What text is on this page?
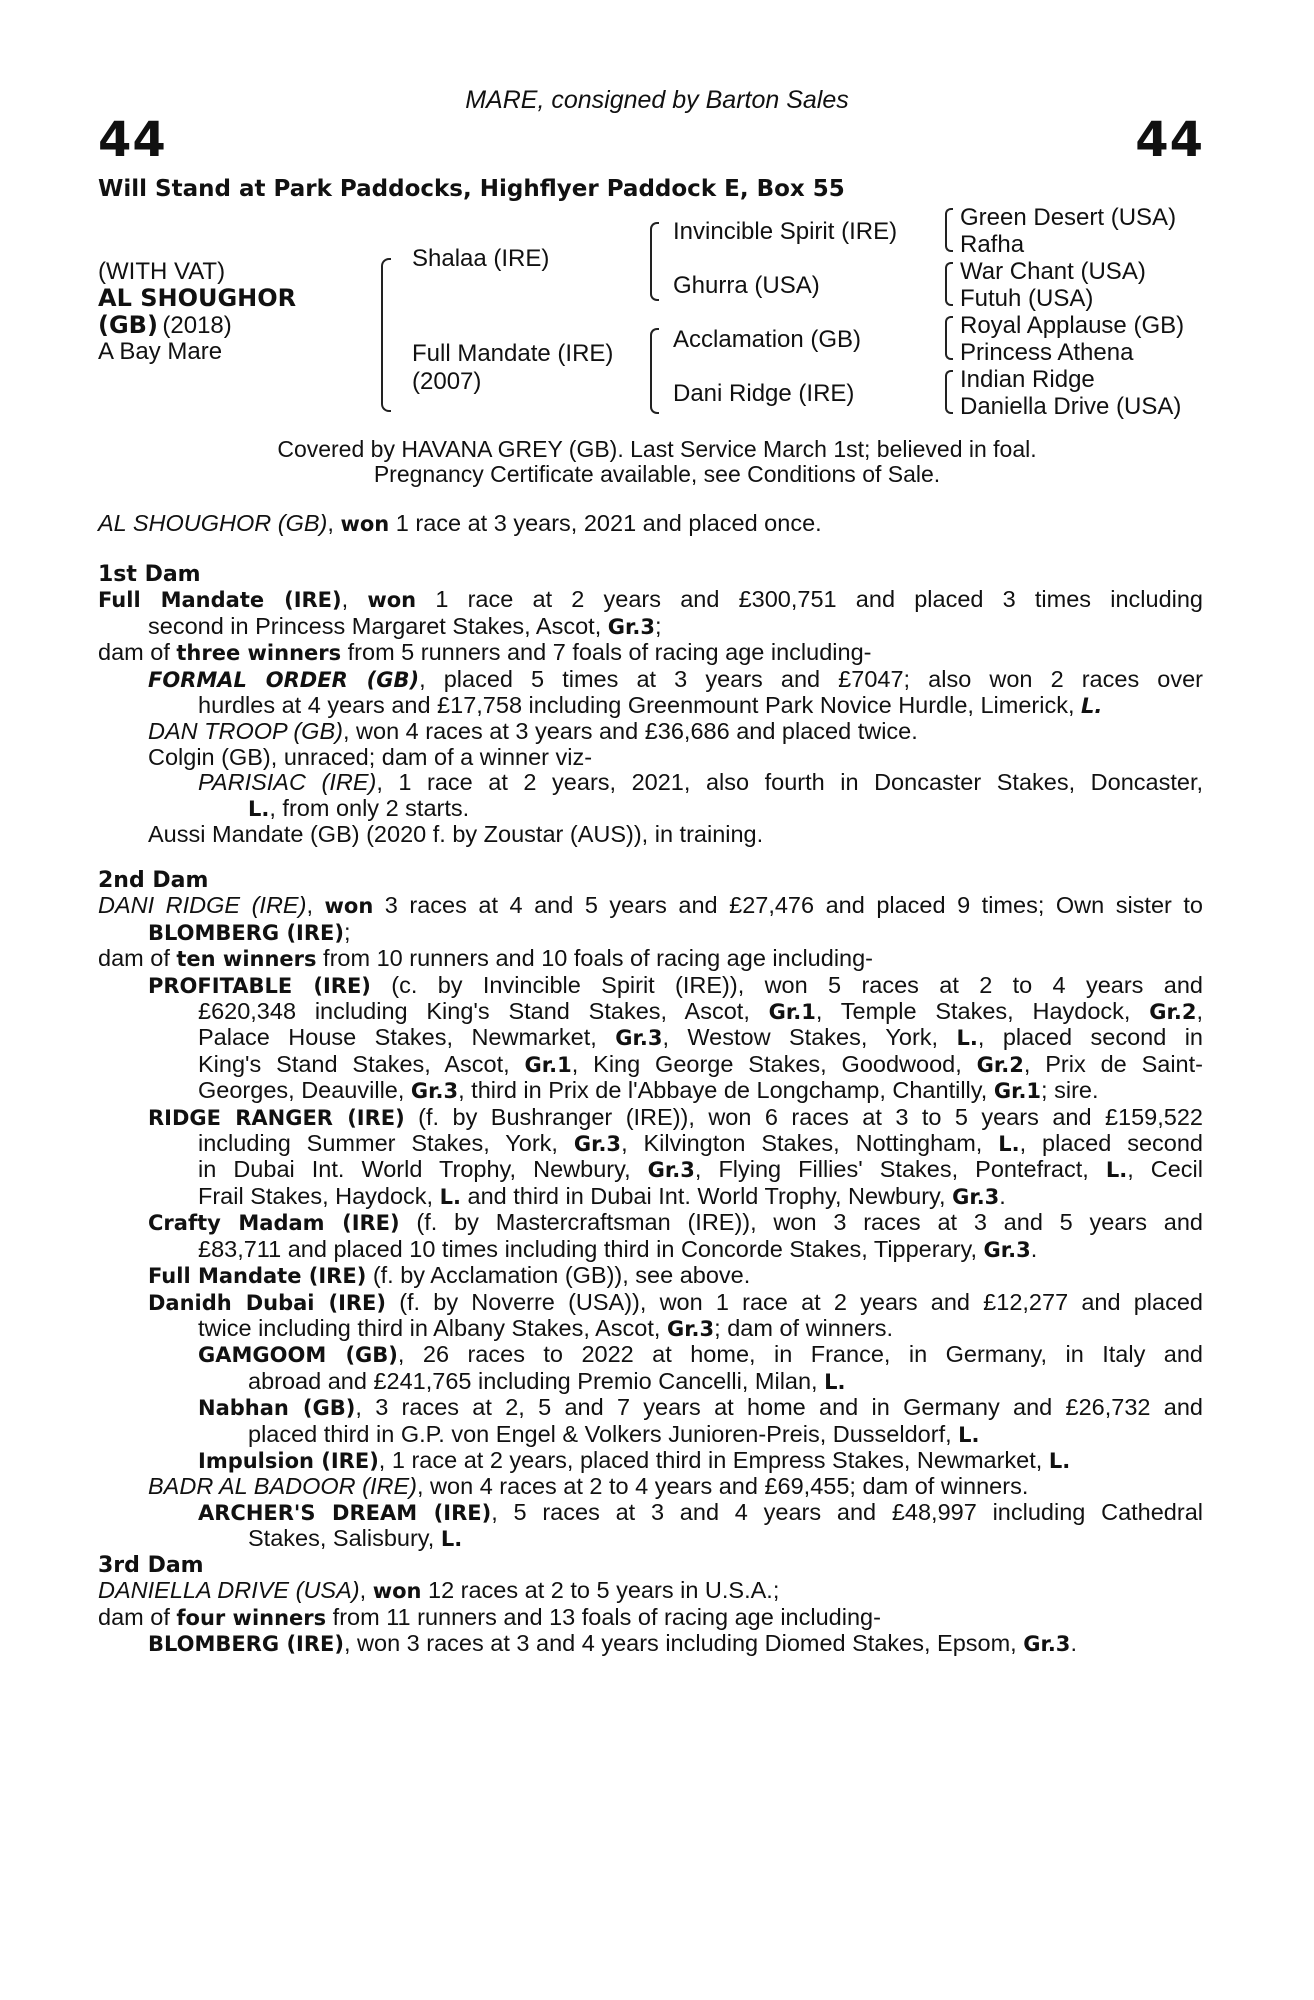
44	44
MARE, consigned by Barton Sales
Will Stand at Park Paddocks, Highflyer Paddock E, Box 55
(WITH VAT)
AL SHOUGHOR
(GB) (2018)
A Bay Mare
Shalaa (IRE)
Full Mandate (IRE)
(2007)
Invincible Spirit (IRE)
Ghurra (USA)
Acclamation (GB)
Dani Ridge (IRE)
Green Desert (USA)
Rafha
War Chant (USA)
Futuh (USA)
Royal Applause (GB)
Princess Athena
Indian Ridge
Daniella Drive (USA)
Covered by HAVANA GREY (GB). Last Service March 1st; believed in foal.
Pregnancy Certificate available, see Conditions of Sale.

AL SHOUGHOR (GB), won 1 race at 3 years, 2021 and placed once.

1st Dam

Full Mandate (IRE), won 1 race at 2 years and £300,751 and placed 3 times including

second in Princess Margaret Stakes, Ascot, Gr.3;

dam of three winners from 5 runners and 7 foals of racing age including-

FORMAL ORDER (GB), placed 5 times at 3 years and £7047; also won 2 races over

hurdles at 4 years and £17,758 including Greenmount Park Novice Hurdle, Limerick, L.

DAN TROOP (GB), won 4 races at 3 years and £36,686 and placed twice.

Colgin (GB), unraced; dam of a winner viz-

PARISIAC (IRE), 1 race at 2 years, 2021, also fourth in Doncaster Stakes, Doncaster,

L., from only 2 starts.

Aussi Mandate (GB) (2020 f. by Zoustar (AUS)), in training.

2nd Dam

DANI RIDGE (IRE), won 3 races at 4 and 5 years and £27,476 and placed 9 times; Own sister to

BLOMBERG (IRE);

dam of ten winners from 10 runners and 10 foals of racing age including-

PROFITABLE (IRE) (c. by Invincible Spirit (IRE)), won 5 races at 2 to 4 years and

£620,348 including King's Stand Stakes, Ascot, Gr.1, Temple Stakes, Haydock, Gr.2,

Palace House Stakes, Newmarket, Gr.3, Westow Stakes, York, L., placed second in

King's Stand Stakes, Ascot, Gr.1, King George Stakes, Goodwood, Gr.2, Prix de Saint-

Georges, Deauville, Gr.3, third in Prix de l'Abbaye de Longchamp, Chantilly, Gr.1; sire.

RIDGE RANGER (IRE) (f. by Bushranger (IRE)), won 6 races at 3 to 5 years and £159,522

including Summer Stakes, York, Gr.3, Kilvington Stakes, Nottingham, L., placed second

in Dubai Int. World Trophy, Newbury, Gr.3, Flying Fillies' Stakes, Pontefract, L., Cecil

Frail Stakes, Haydock, L. and third in Dubai Int. World Trophy, Newbury, Gr.3.

Crafty Madam (IRE) (f. by Mastercraftsman (IRE)), won 3 races at 3 and 5 years and

£83,711 and placed 10 times including third in Concorde Stakes, Tipperary, Gr.3.

Full Mandate (IRE) (f. by Acclamation (GB)), see above.

Danidh Dubai (IRE) (f. by Noverre (USA)), won 1 race at 2 years and £12,277 and placed

twice including third in Albany Stakes, Ascot, Gr.3; dam of winners.

GAMGOOM (GB), 26 races to 2022 at home, in France, in Germany, in Italy and

abroad and £241,765 including Premio Cancelli, Milan, L.

Nabhan (GB), 3 races at 2, 5 and 7 years at home and in Germany and £26,732 and

placed third in G.P. von Engel & Volkers Junioren-Preis, Dusseldorf, L.

Impulsion (IRE), 1 race at 2 years, placed third in Empress Stakes, Newmarket, L.

BADR AL BADOOR (IRE), won 4 races at 2 to 4 years and £69,455; dam of winners.

ARCHER'S DREAM (IRE), 5 races at 3 and 4 years and £48,997 including Cathedral

Stakes, Salisbury, L.

3rd Dam

DANIELLA DRIVE (USA), won 12 races at 2 to 5 years in U.S.A.;

dam of four winners from 11 runners and 13 foals of racing age including-

BLOMBERG (IRE), won 3 races at 3 and 4 years including Diomed Stakes, Epsom, Gr.3.
